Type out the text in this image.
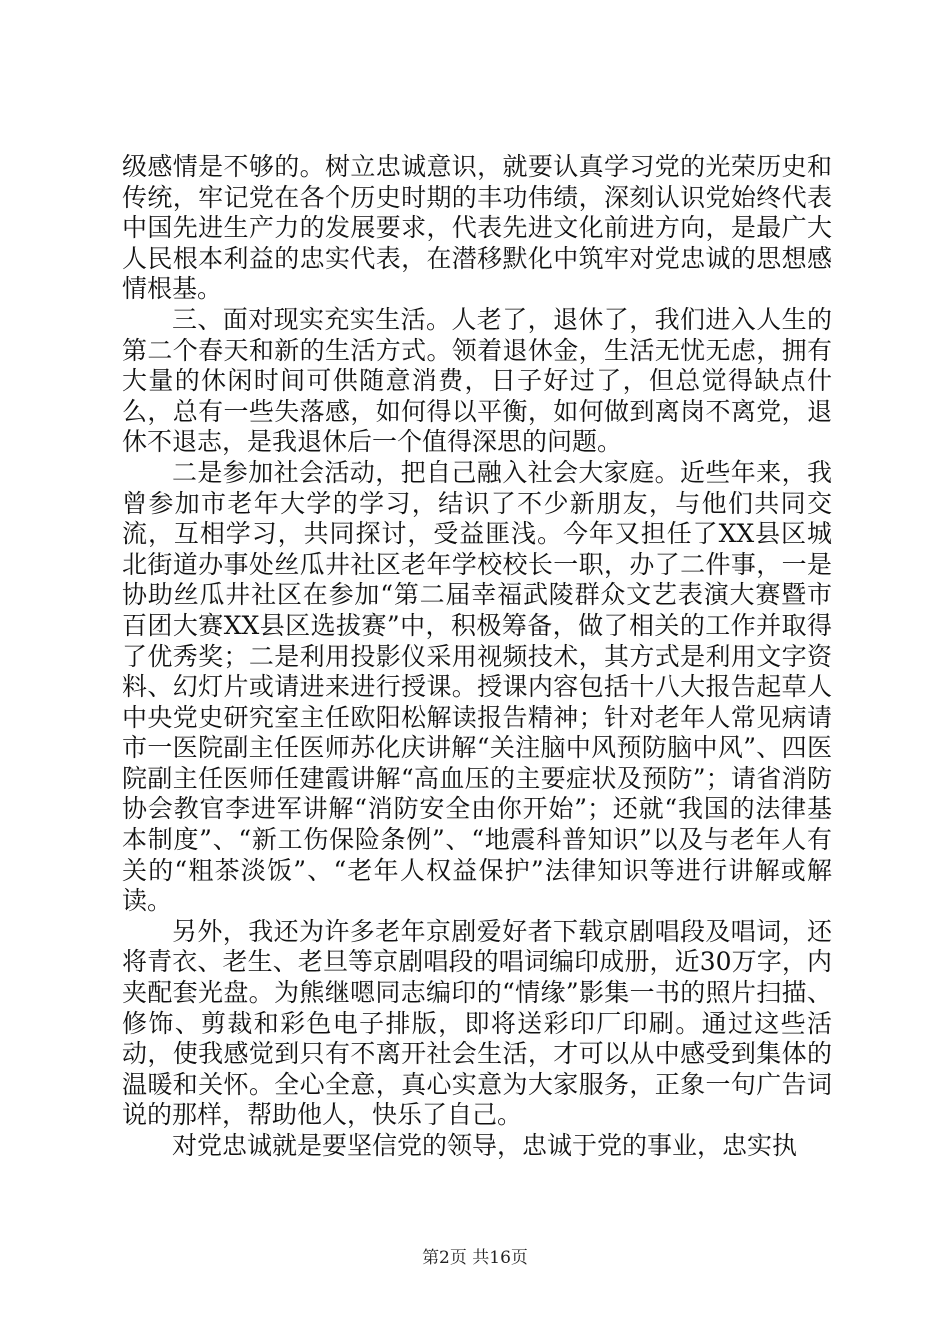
级感情是不够的。树立忠诚意识，就要认真学习党的光荣历史和传统，牢记党在各个历史时期的丰功伟绩，深刻认识党始终代表中国先进生产力的发展要求，代表先进文化前进方向，是最广大人民根本利益的忠实代表，在潜移默化中筑牢对党忠诚的思想感情根基。

三、面对现实充实生活。人老了，退休了，我们进入人生的第二个春天和新的生活方式。领着退休金，生活无忧无虑，拥有大量的休闲时间可供随意消费，日子好过了，但总觉得缺点什么，总有一些失落感，如何得以平衡，如何做到离岗不离党，退休不退志，是我退休后一个值得深思的问题。

二是参加社会活动，把自己融入社会大家庭。近些年来，我曾参加市老年大学的学习，结识了不少新朋友，与他们共同交流，互相学习，共同探讨，受益匪浅。今年又担任了XX县区城北街道办事处丝瓜井社区老年学校校长一职，办了二件事，一是协助丝瓜井社区在参加“第二届幸福武陵群众文艺表演大赛暨市百团大赛XX县区选拔赛”中，积极筹备，做了相关的工作并取得了优秀奖；二是利用投影仪采用视频技术，其方式是利用文字资料、幻灯片或请进来进行授课。授课内容包括十八大报告起草人中央党史研究室主任欧阳松解读报告精神；针对老年人常见病请市一医院副主任医师苏化庆讲解“关注脑中风预防脑中风”、四医院副主任医师任建霞讲解“高血压的主要症状及预防”；请省消防协会教官李进军讲解“消防安全由你开始”；还就“我国的法律基本制度”、“新工伤保险条例”、“地震科普知识”以及与老年人有关的“粗茶淡饭”、“老年人权益保护”法律知识等进行讲解或解读。

另外，我还为许多老年京剧爱好者下载京剧唱段及唱词，还将青衣、老生、老旦等京剧唱段的唱词编印成册，近30万字，内夹配套光盘。为熊继嗯同志编印的“情缘”影集一书的照片扫描、修饰、剪裁和彩色电子排版，即将送彩印厂印刷。通过这些活动，使我感觉到只有不离开社会生活，才可以从中感受到集体的温暖和关怀。全心全意，真心实意为大家服务，正象一句广告词说的那样，帮助他人，快乐了自己。

对党忠诚就是要坚信党的领导，忠诚于党的事业，忠实执

第2页 共16页
